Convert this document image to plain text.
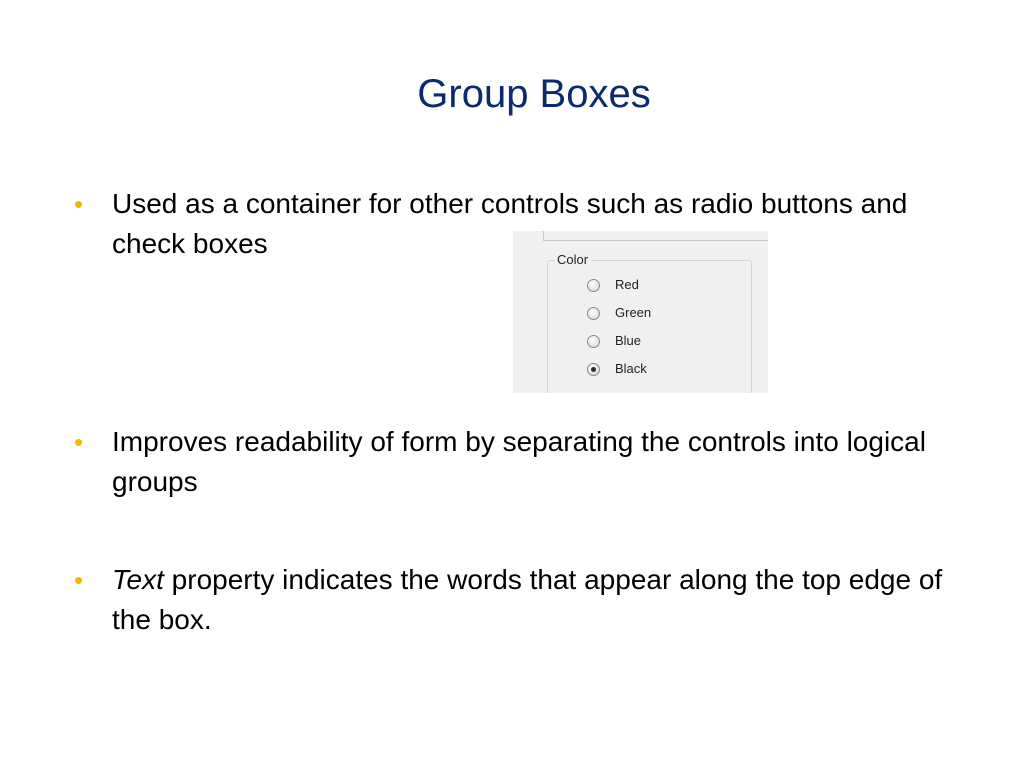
Group Boxes
• Used as a container for other controls such as radio buttons and check boxes
Color
Red
Green
Blue
Black
• Improves readability of form by separating the controls into logical groups
• Text property indicates the words that appear along the top edge of the box.
